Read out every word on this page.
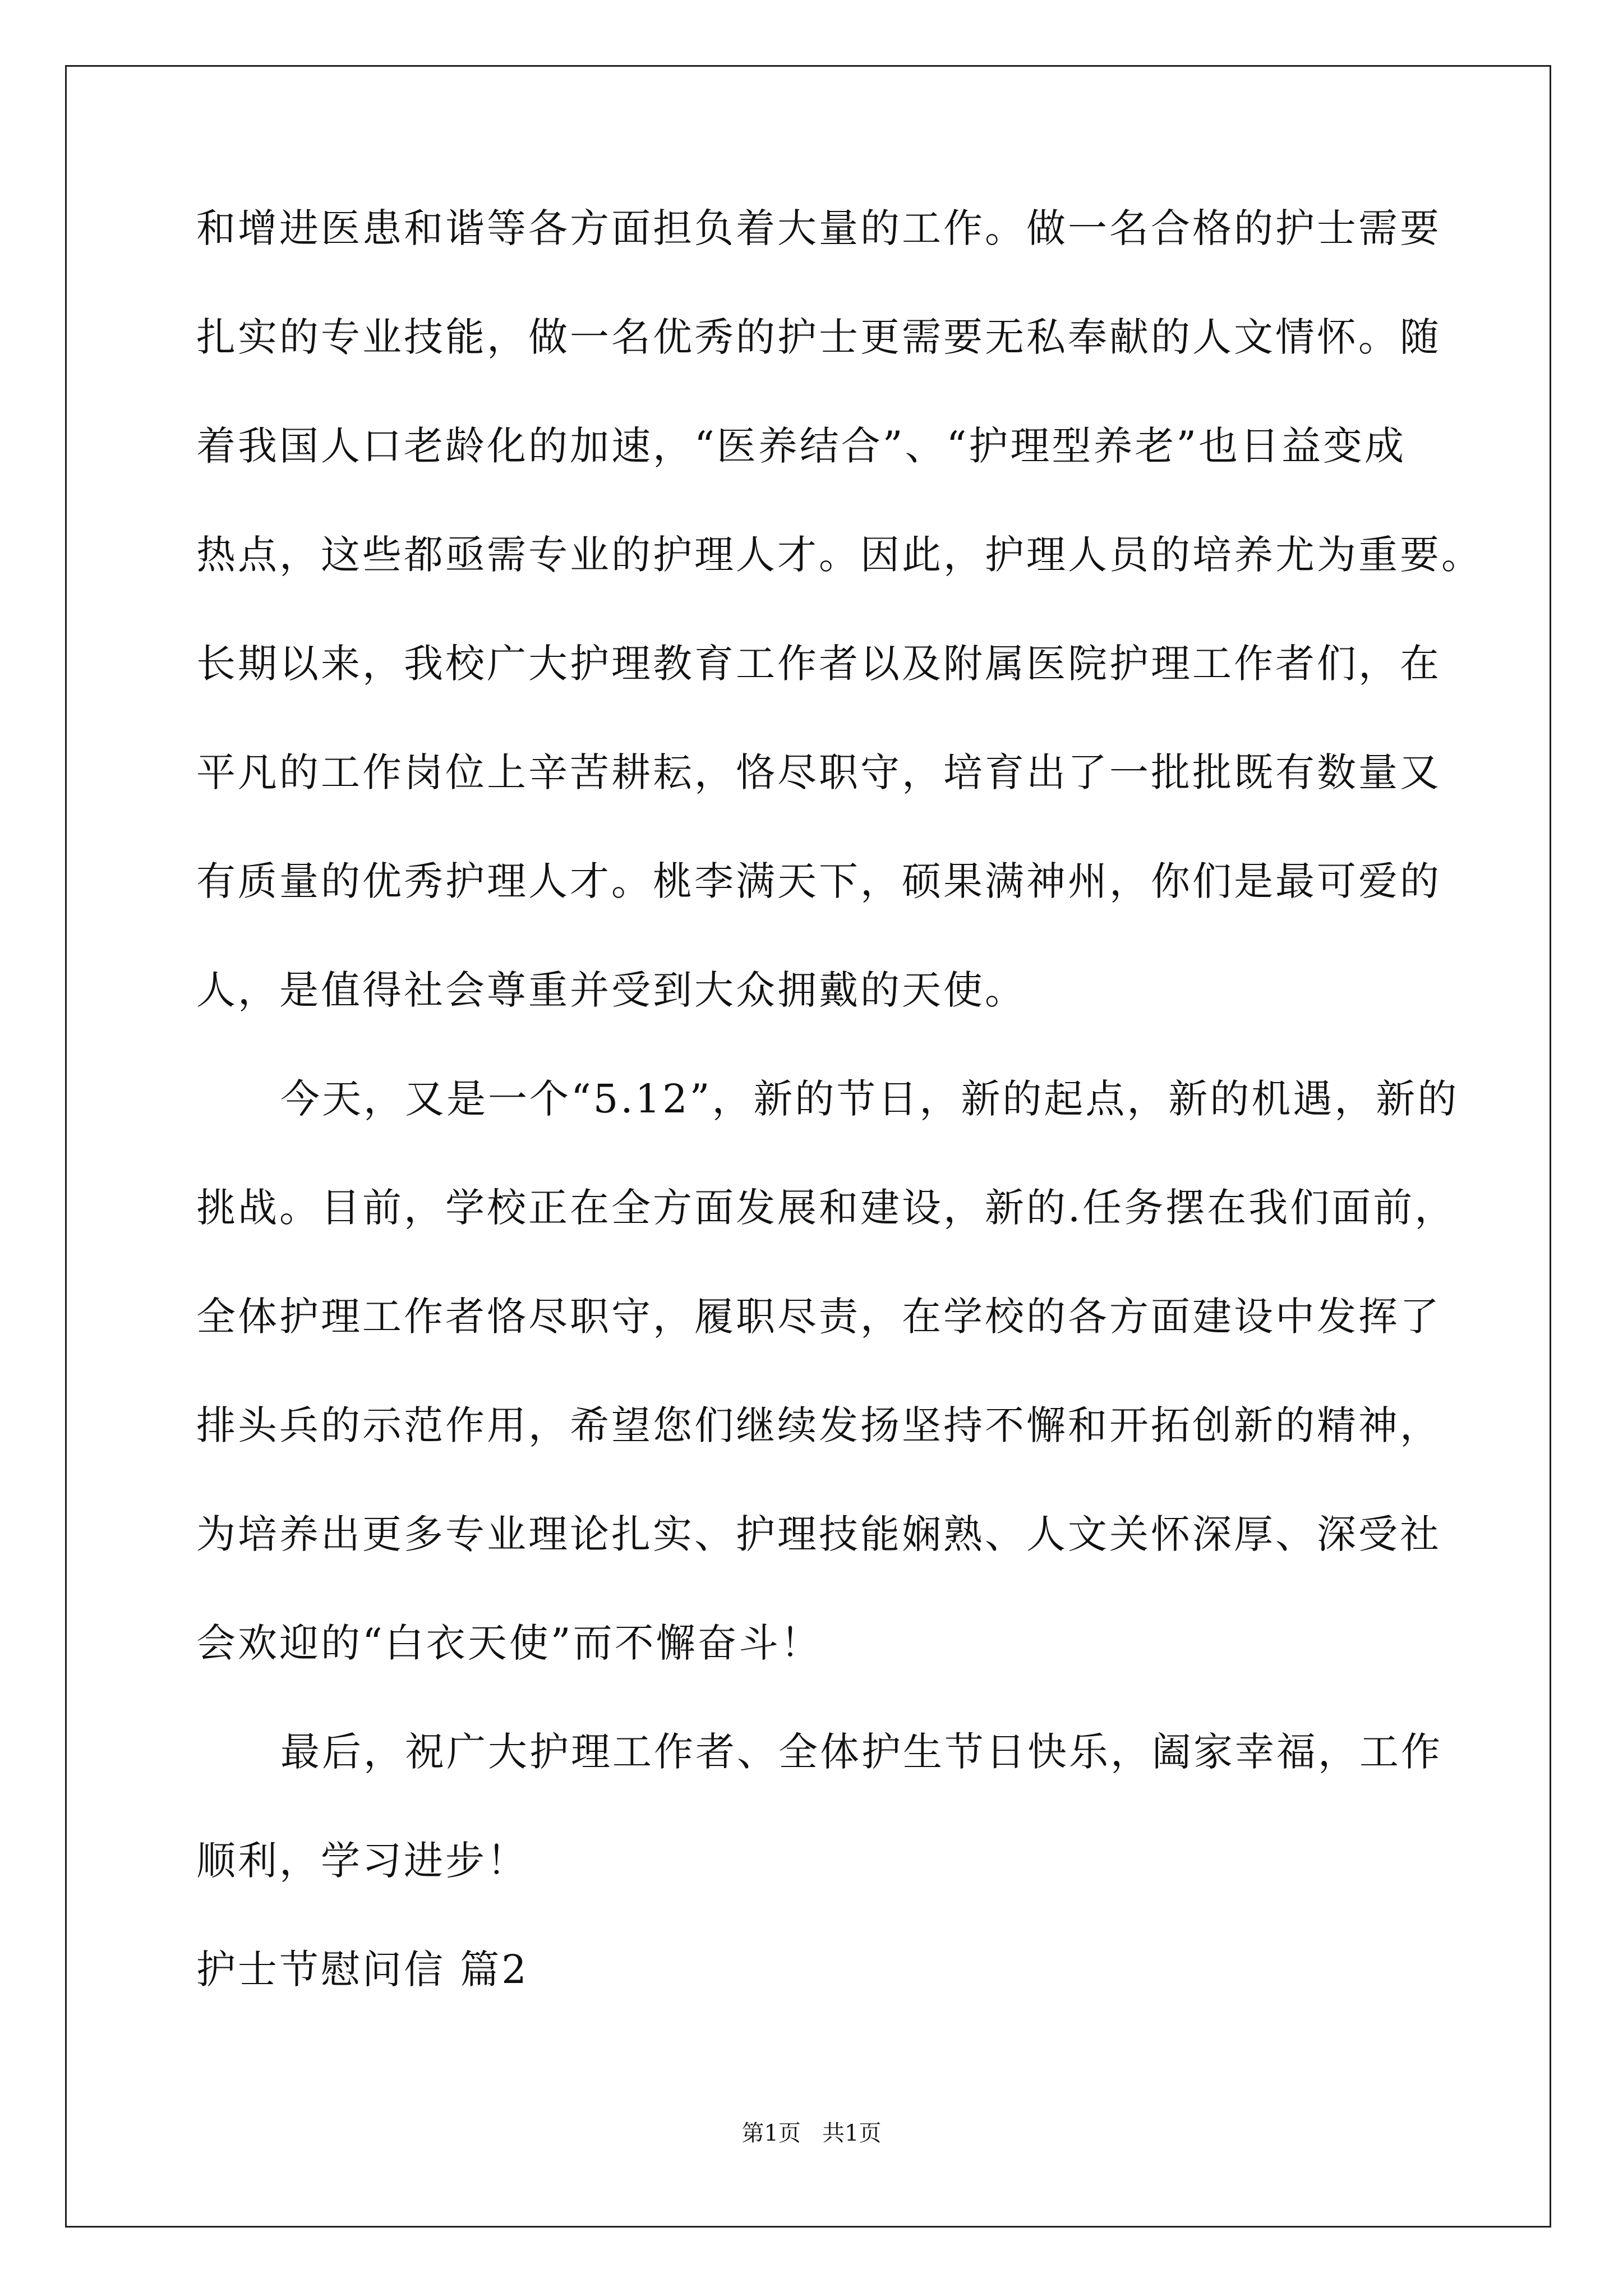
和增进医患和谐等各方面担负着大量的工作。做一名合格的护士需要
扎实的专业技能，做一名优秀的护士更需要无私奉献的人文情怀。随
着我国人口老龄化的加速，“医养结合”、“护理型养老”也日益变成
热点，这些都亟需专业的护理人才。因此，护理人员的培养尤为重要。
长期以来，我校广大护理教育工作者以及附属医院护理工作者们，在
平凡的工作岗位上辛苦耕耘，恪尽职守，培育出了一批批既有数量又
有质量的优秀护理人才。桃李满天下，硕果满神州，你们是最可爱的
人，是值得社会尊重并受到大众拥戴的天使。
今天，又是一个“5.12”，新的节日，新的起点，新的机遇，新的
挑战。目前，学校正在全方面发展和建设，新的.任务摆在我们面前，
全体护理工作者恪尽职守，履职尽责，在学校的各方面建设中发挥了
排头兵的示范作用，希望您们继续发扬坚持不懈和开拓创新的精神，
为培养出更多专业理论扎实、护理技能娴熟、人文关怀深厚、深受社
会欢迎的“白衣天使”而不懈奋斗！
最后，祝广大护理工作者、全体护生节日快乐，阖家幸福，工作
顺利，学习进步！
护士节慰问信 篇2
第1页   共1页
